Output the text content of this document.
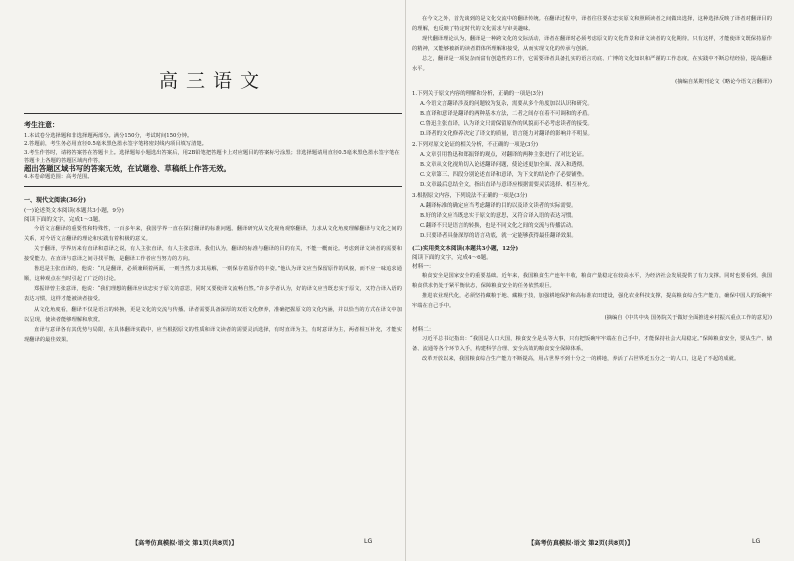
高三语文
考生注意：

1.本试卷分选择题和非选择题两部分。满分150分，考试时间150分钟。

2.答题前，考生务必用直径0.5毫米黑色墨水签字笔将密封线内项目填写清楚。

3.考生作答时，请将答案答在答题卡上。选择题每小题选出答案后，用2B铅笔把答题卡上对应题目的答案标号涂黑；非选择题请用直径0.5毫米黑色墨水签字笔在答题卡上各题的答题区域内作答，

超出答题区域书写的答案无效，在试题卷、草稿纸上作答无效。

4.本卷命题范围：高考范围。

一、现代文阅读(36分)
(一)论述类文本阅读(本题共3小题，9分)
阅读下面的文字，完成1～3题。

今语文言翻译的重要性和特殊性，一百多年来，我国学界一直在探讨翻译的标准问题。翻译研究从文化视角观察翻译，力求从文化角度理解翻译与文化之间的关系，对今语文言翻译的理论和实践有着积极的意义。

关于翻译，学界历来有直译和意译之说，有人主张直译，有人主张意译。我们认为，翻译的标准与翻译的目的有关，不能一概而论。考虑到译文读者的需要和接受能力，在直译与意译之间寻找平衡，是翻译工作者应当努力的方向。

鲁迅是主张直译的，他说：“凡是翻译，必须兼顾着两面，一则当然力求其易解，一则保存着原作的丰姿。”他认为译文应当保留原作的风貌，而不应一味追求通顺，这种观点在当时引起了广泛的讨论。

郑振铎曾主张意译，他说：“我们理想的翻译应该忠实于原文的意思，同时又要使译文流畅自然。”许多学者认为，好的译文应当既忠实于原文，又符合译入语的表达习惯，这样才能被读者接受。

从文化角度看，翻译不仅是语言的转换，更是文化的交流与传播。译者需要具备深厚的双语文化修养，准确把握原文的文化内涵，并以恰当的方式在译文中加以呈现，使读者能够理解和欣赏。

直译与意译各有其优势与局限，在具体翻译实践中，应当根据原文的性质和译文读者的需要灵活选择，有时直译为主，有时意译为主，两者相互补充，才能实现翻译的最佳效果。

在今文之外，首先谈到的是文化交流中的翻译传统。在翻译过程中，译者往往要在忠实原文和照顾读者之间做出选择，这种选择反映了译者对翻译目的的理解，也反映了特定时代的文化需求与审美趣味。

现代翻译理论认为，翻译是一种跨文化的交际活动，译者在翻译时必须考虑原文的文化背景和译文读者的文化期待。只有这样，才能使译文既保持原作的精神，又能够被新的读者群体所理解和接受，从而实现文化的传承与创新。

总之，翻译是一项复杂而富有创造性的工作，它需要译者具备扎实的语言功底、广博的文化知识和严谨的工作态度，在实践中不断总结经验，提高翻译水平。

(摘编自某期刊论文《略论今语文言翻译》)

1.下列关于原文内容的理解和分析，正确的一项是(3分)

A.今语文言翻译涉及的问题较为复杂，需要从多个角度加以认识和研究。

B.直译和意译是翻译的两种基本方法，二者之间存在着不可调和的矛盾。

C.鲁迅主张直译，认为译文只需保留原作的风貌而不必考虑读者的接受。

D.译者的文化修养决定了译文的质量，语言能力对翻译的影响并不明显。

2.下列对原文论证的相关分析，不正确的一项是(3分)

A.文章引用鲁迅和郑振铎的观点，对翻译的两种主张进行了对比论证。

B.文章从文化视角切入论述翻译问题，使论述更加全面、深入和透彻。

C.文章第三、四段分别论述直译和意译，为下文的结论作了必要铺垫。

D.文章最后总结全文，指出直译与意译应根据需要灵活选择、相互补充。

3.根据原文内容，下列说法不正确的一项是(3分)

A.翻译标准的确定应当考虑翻译的目的以及译文读者的实际需要。

B.好的译文应当既忠实于原文的意思，又符合译入语的表达习惯。

C.翻译不只是语言的转换，也是不同文化之间的交流与传播活动。

D.只要译者具备深厚的语言功底，就一定能够获得最佳翻译效果。

(二)实用类文本阅读(本题共3小题，12分)
阅读下面的文字，完成4～6题。
材料一：

粮食安全是国家安全的重要基础。近年来，我国粮食生产连年丰收，粮食产量稳定在较高水平，为经济社会发展提供了有力支撑。同时也要看到，我国粮食供求仍处于紧平衡状态，保障粮食安全的任务依然艰巨。

推进农业现代化，必须坚持藏粮于地、藏粮于技，加强耕地保护和高标准农田建设，强化农业科技支撑，提高粮食综合生产能力，确保中国人的饭碗牢牢端在自己手中。

(摘编自《中共中央 国务院关于做好全面推进乡村振兴重点工作的意见》)
材料二：

习近平总书记指出：“我国是人口大国，粮食安全是头等大事，只有把饭碗牢牢端在自己手中，才能保持社会大局稳定。”保障粮食安全，要从生产、储备、流通等各个环节入手，构建科学合理、安全高效的粮食安全保障体系。

改革开放以来，我国粮食综合生产能力不断提高，用占世界不到十分之一的耕地，养活了占世界近五分之一的人口，这是了不起的成就。

【高考仿真模拟·语文 第1页(共8页)】	LG	【高考仿真模拟·语文 第2页(共8页)】	LG
